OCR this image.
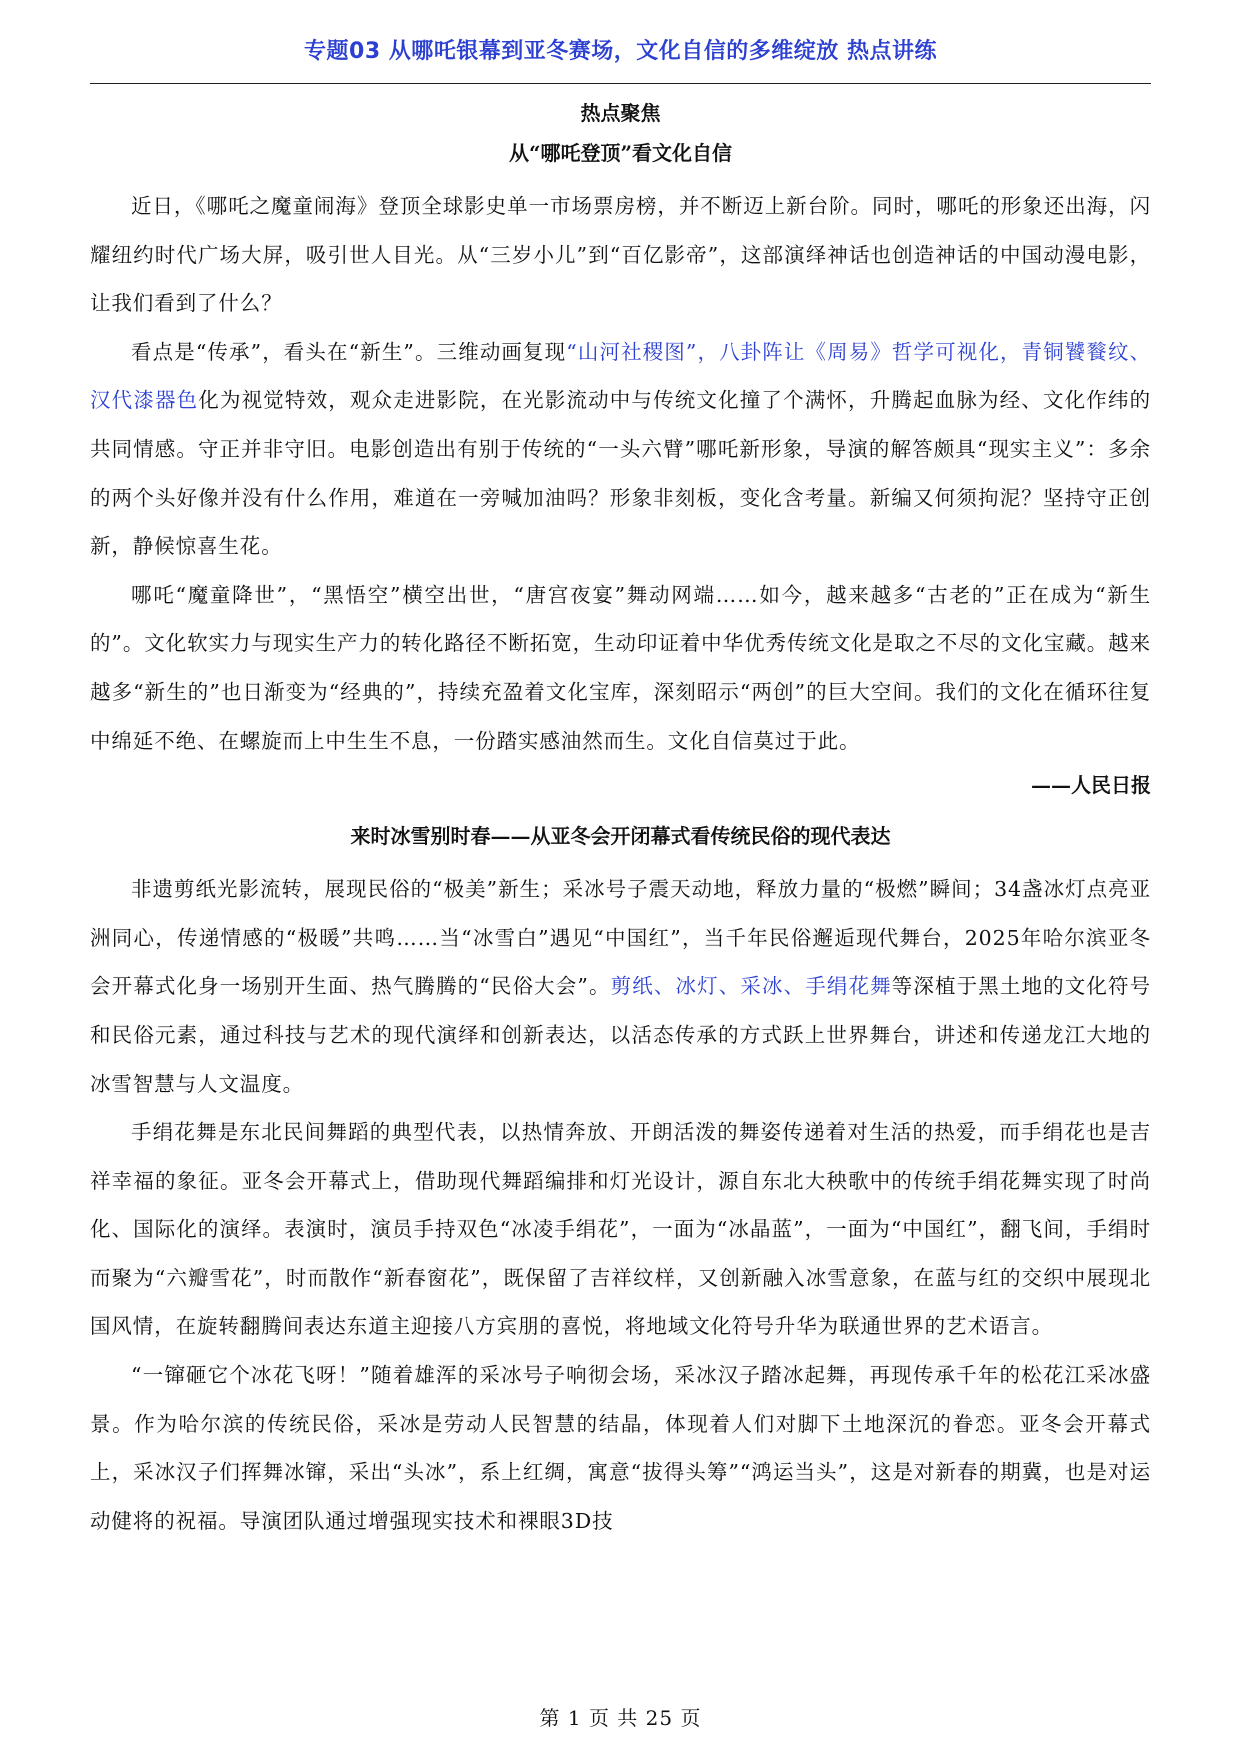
专题03 从哪吒银幕到亚冬赛场，文化自信的多维绽放 热点讲练
热点聚焦
从“哪吒登顶”看文化自信

近日，《哪吒之魔童闹海》登顶全球影史单一市场票房榜，并不断迈上新台阶。同时，哪吒的形象还出海，闪耀纽约时代广场大屏，吸引世人目光。从“三岁小儿”到“百亿影帝”，这部演绎神话也创造神话的中国动漫电影，让我们看到了什么？

看点是“传承”，看头在“新生”。三维动画复现“山河社稷图”，八卦阵让《周易》哲学可视化，青铜饕餮纹、汉代漆器色化为视觉特效，观众走进影院，在光影流动中与传统文化撞了个满怀，升腾起血脉为经、文化作纬的共同情感。守正并非守旧。电影创造出有别于传统的“一头六臂”哪吒新形象，导演的解答颇具“现实主义”：多余的两个头好像并没有什么作用，难道在一旁喊加油吗？形象非刻板，变化含考量。新编又何须拘泥？坚持守正创新，静候惊喜生花。

哪吒“魔童降世”，“黑悟空”横空出世，“唐宫夜宴”舞动网端……如今，越来越多“古老的”正在成为“新生的”。文化软实力与现实生产力的转化路径不断拓宽，生动印证着中华优秀传统文化是取之不尽的文化宝藏。越来越多“新生的”也日渐变为“经典的”，持续充盈着文化宝库，深刻昭示“两创”的巨大空间。我们的文化在循环往复中绵延不绝、在螺旋而上中生生不息，一份踏实感油然而生。文化自信莫过于此。

——人民日报
来时冰雪别时春——从亚冬会开闭幕式看传统民俗的现代表达

非遗剪纸光影流转，展现民俗的“极美”新生；采冰号子震天动地，释放力量的“极燃”瞬间；34盏冰灯点亮亚洲同心，传递情感的“极暖”共鸣……当“冰雪白”遇见“中国红”，当千年民俗邂逅现代舞台，2025年哈尔滨亚冬会开幕式化身一场别开生面、热气腾腾的“民俗大会”。剪纸、冰灯、采冰、手绢花舞等深植于黑土地的文化符号和民俗元素，通过科技与艺术的现代演绎和创新表达，以活态传承的方式跃上世界舞台，讲述和传递龙江大地的冰雪智慧与人文温度。

手绢花舞是东北民间舞蹈的典型代表，以热情奔放、开朗活泼的舞姿传递着对生活的热爱，而手绢花也是吉祥幸福的象征。亚冬会开幕式上，借助现代舞蹈编排和灯光设计，源自东北大秧歌中的传统手绢花舞实现了时尚化、国际化的演绎。表演时，演员手持双色“冰凌手绢花”，一面为“冰晶蓝”，一面为“中国红”，翻飞间，手绢时而聚为“六瓣雪花”，时而散作“新春窗花”，既保留了吉祥纹样，又创新融入冰雪意象，在蓝与红的交织中展现北国风情，在旋转翻腾间表达东道主迎接八方宾朋的喜悦，将地域文化符号升华为联通世界的艺术语言。

“一镩砸它个冰花飞呀！”随着雄浑的采冰号子响彻会场，采冰汉子踏冰起舞，再现传承千年的松花江采冰盛景。作为哈尔滨的传统民俗，采冰是劳动人民智慧的结晶，体现着人们对脚下土地深沉的眷恋。亚冬会开幕式上，采冰汉子们挥舞冰镩，采出“头冰”，系上红绸，寓意“拔得头筹”“鸿运当头”，这是对新春的期冀，也是对运动健将的祝福。导演团队通过增强现实技术和裸眼3D技

第 1 页 共 25 页
